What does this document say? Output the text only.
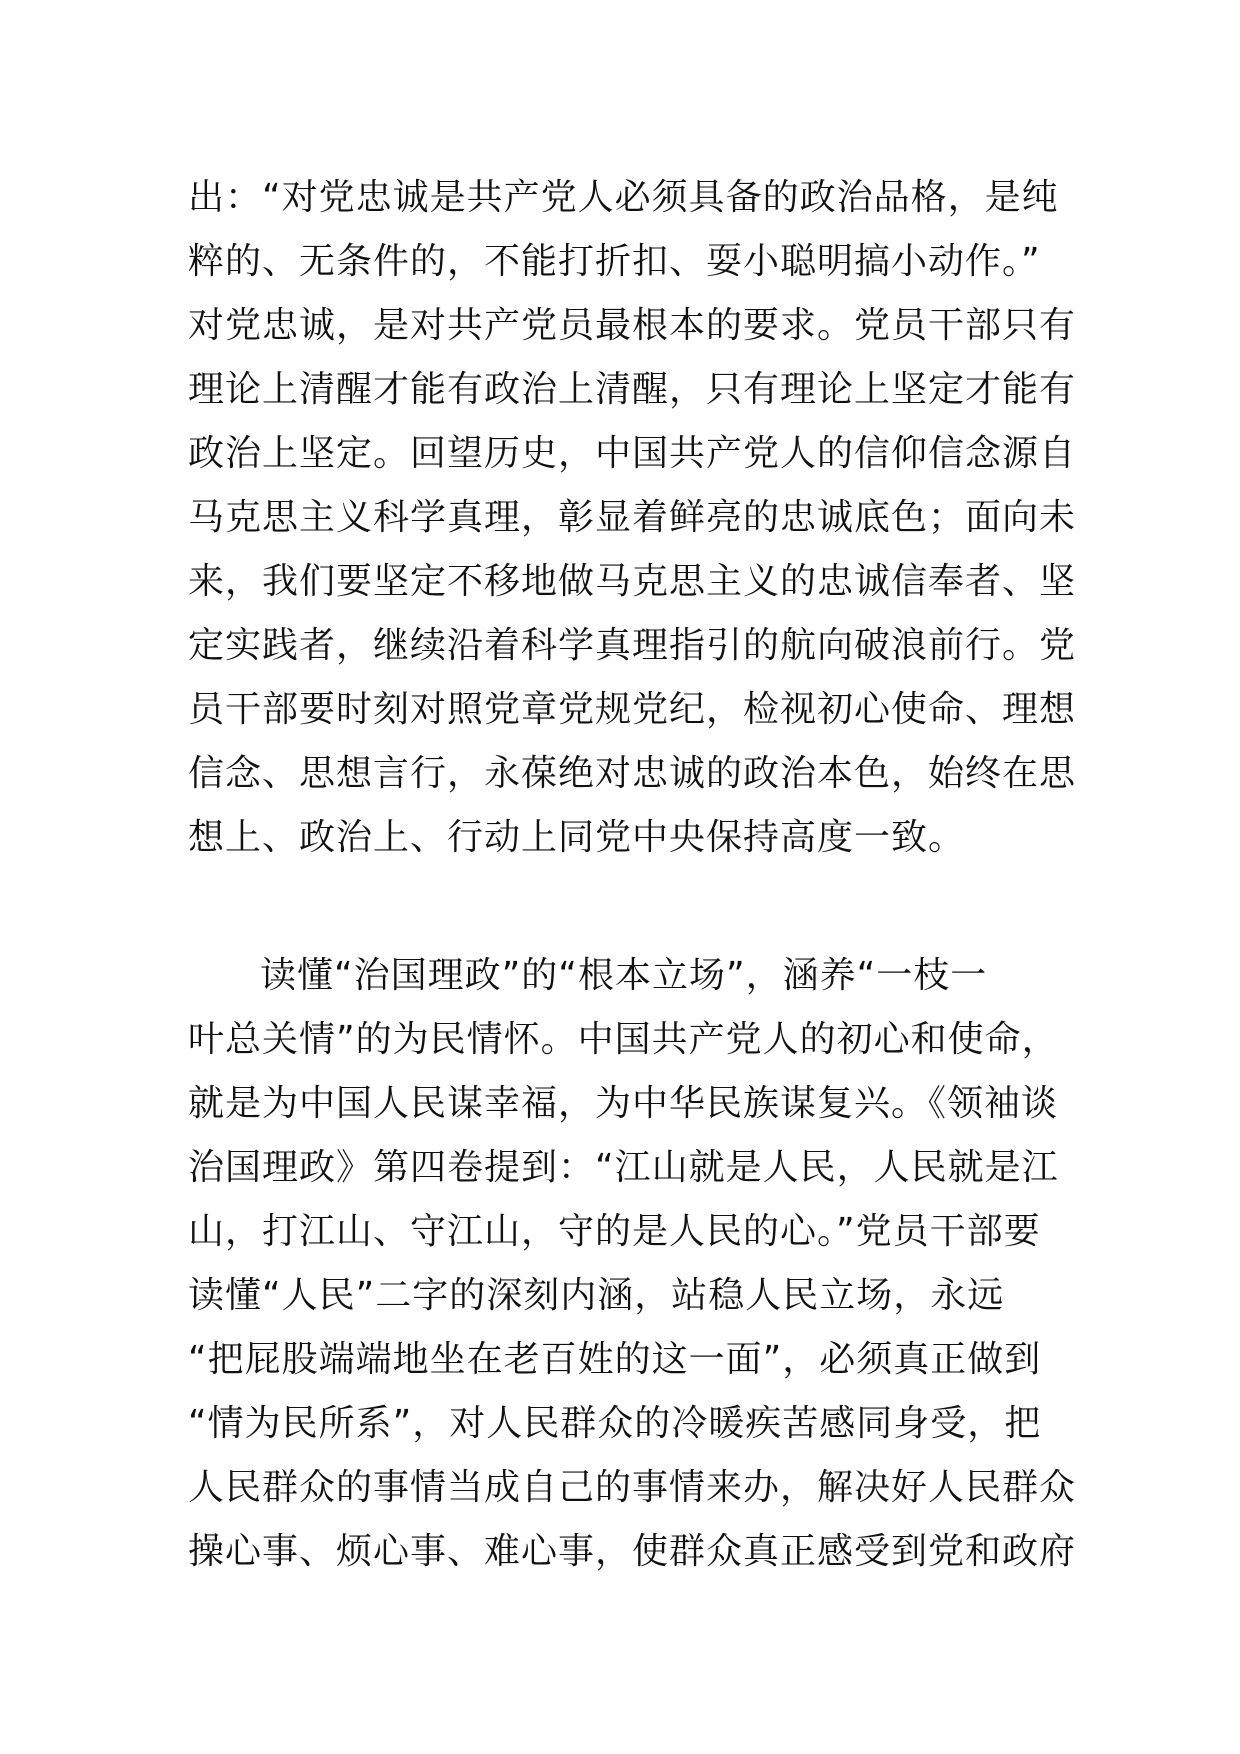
出：“对党忠诚是共产党人必须具备的政治品格，是纯
粹的、无条件的，不能打折扣、耍小聪明搞小动作。”
对党忠诚，是对共产党员最根本的要求。党员干部只有
理论上清醒才能有政治上清醒，只有理论上坚定才能有
政治上坚定。回望历史，中国共产党人的信仰信念源自
马克思主义科学真理，彰显着鲜亮的忠诚底色；面向未
来，我们要坚定不移地做马克思主义的忠诚信奉者、坚
定实践者，继续沿着科学真理指引的航向破浪前行。党
员干部要时刻对照党章党规党纪，检视初心使命、理想
信念、思想言行，永葆绝对忠诚的政治本色，始终在思
想上、政治上、行动上同党中央保持高度一致。
读懂“治国理政”的“根本立场”，涵养“一枝一
叶总关情”的为民情怀。中国共产党人的初心和使命，
就是为中国人民谋幸福，为中华民族谋复兴。《领袖谈
治国理政》第四卷提到：“江山就是人民，人民就是江
山，打江山、守江山，守的是人民的心。”党员干部要
读懂“人民”二字的深刻内涵，站稳人民立场，永远
“把屁股端端地坐在老百姓的这一面”，必须真正做到
“情为民所系”，对人民群众的冷暖疾苦感同身受，把
人民群众的事情当成自己的事情来办，解决好人民群众
操心事、烦心事、难心事，使群众真正感受到党和政府
